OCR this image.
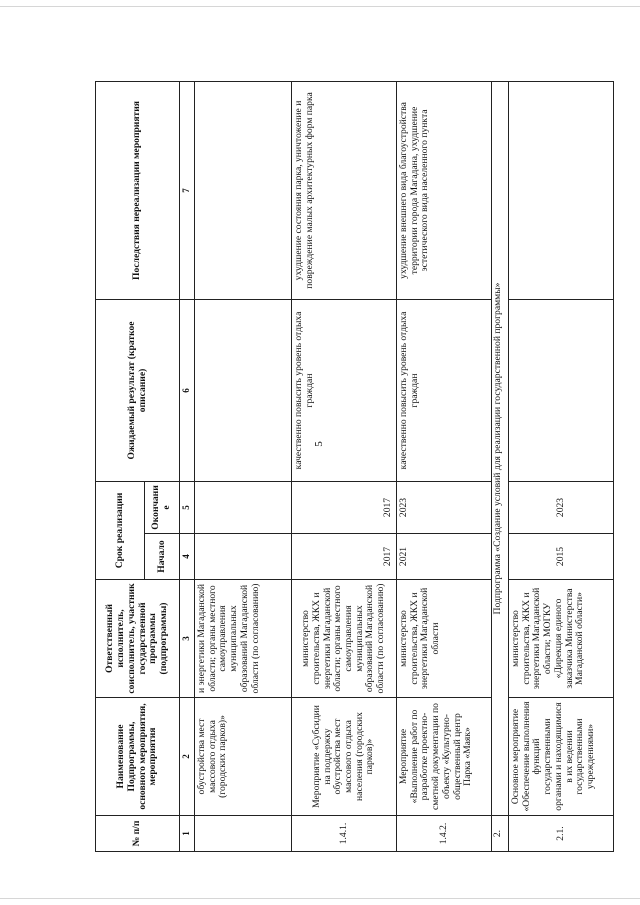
5
№ п/п	Наименование Подпрограммы, основного мероприятия, мероприятия	Ответственный исполнитель, соисполнитель, участник государственной программы (подпрограммы)	Срок реализации		Ожидаемый результат (краткое описание)	Последствия нереализации мероприятия
			Начало	Окончание		
1	2	3	4	5	6	7
	обустройства мест массового отдыха (городских парков)»	и энергетики Магаданской области; органы местного самоуправления муниципальных образований Магаданской области (по согласованию)				
1.4.1.	Мероприятие «Субсидии на поддержку обустройства мест массового отдыха населения (городских парков)»	министерство строительства, ЖКХ и энергетики Магаданской области; органы местного самоуправления муниципальных образований Магаданской области (по согласованию)	2017	2017	качественно повысить уровень отдыха граждан	ухудшение состояния парка, уничтожение и повреждение малых архитектурных форм парка
1.4.2.	Мероприятие «Выполнение работ по разработке проектно-сметной документации по объекту «Культурно-общественный центр Парка «Маяк»	министерство строительства, ЖКХ и энергетики Магаданской области	2021	2023	качественно повысить уровень отдыха граждан	ухудшение внешнего вида благоустройства территории города Магадана, ухудшение эстетического вида населенного пункта
2.	Подпрограмма «Создание условий для реализации государственной программы»					
2.1.	Основное мероприятие «Обеспечение выполнения функций государственными органами и находящимися в их ведении государственными учреждениями»	министерство строительства, ЖКХ и энергетики Магаданской области; МОГКУ «Дирекция единого заказчика Министерства Магаданской области»	2015	2023		
